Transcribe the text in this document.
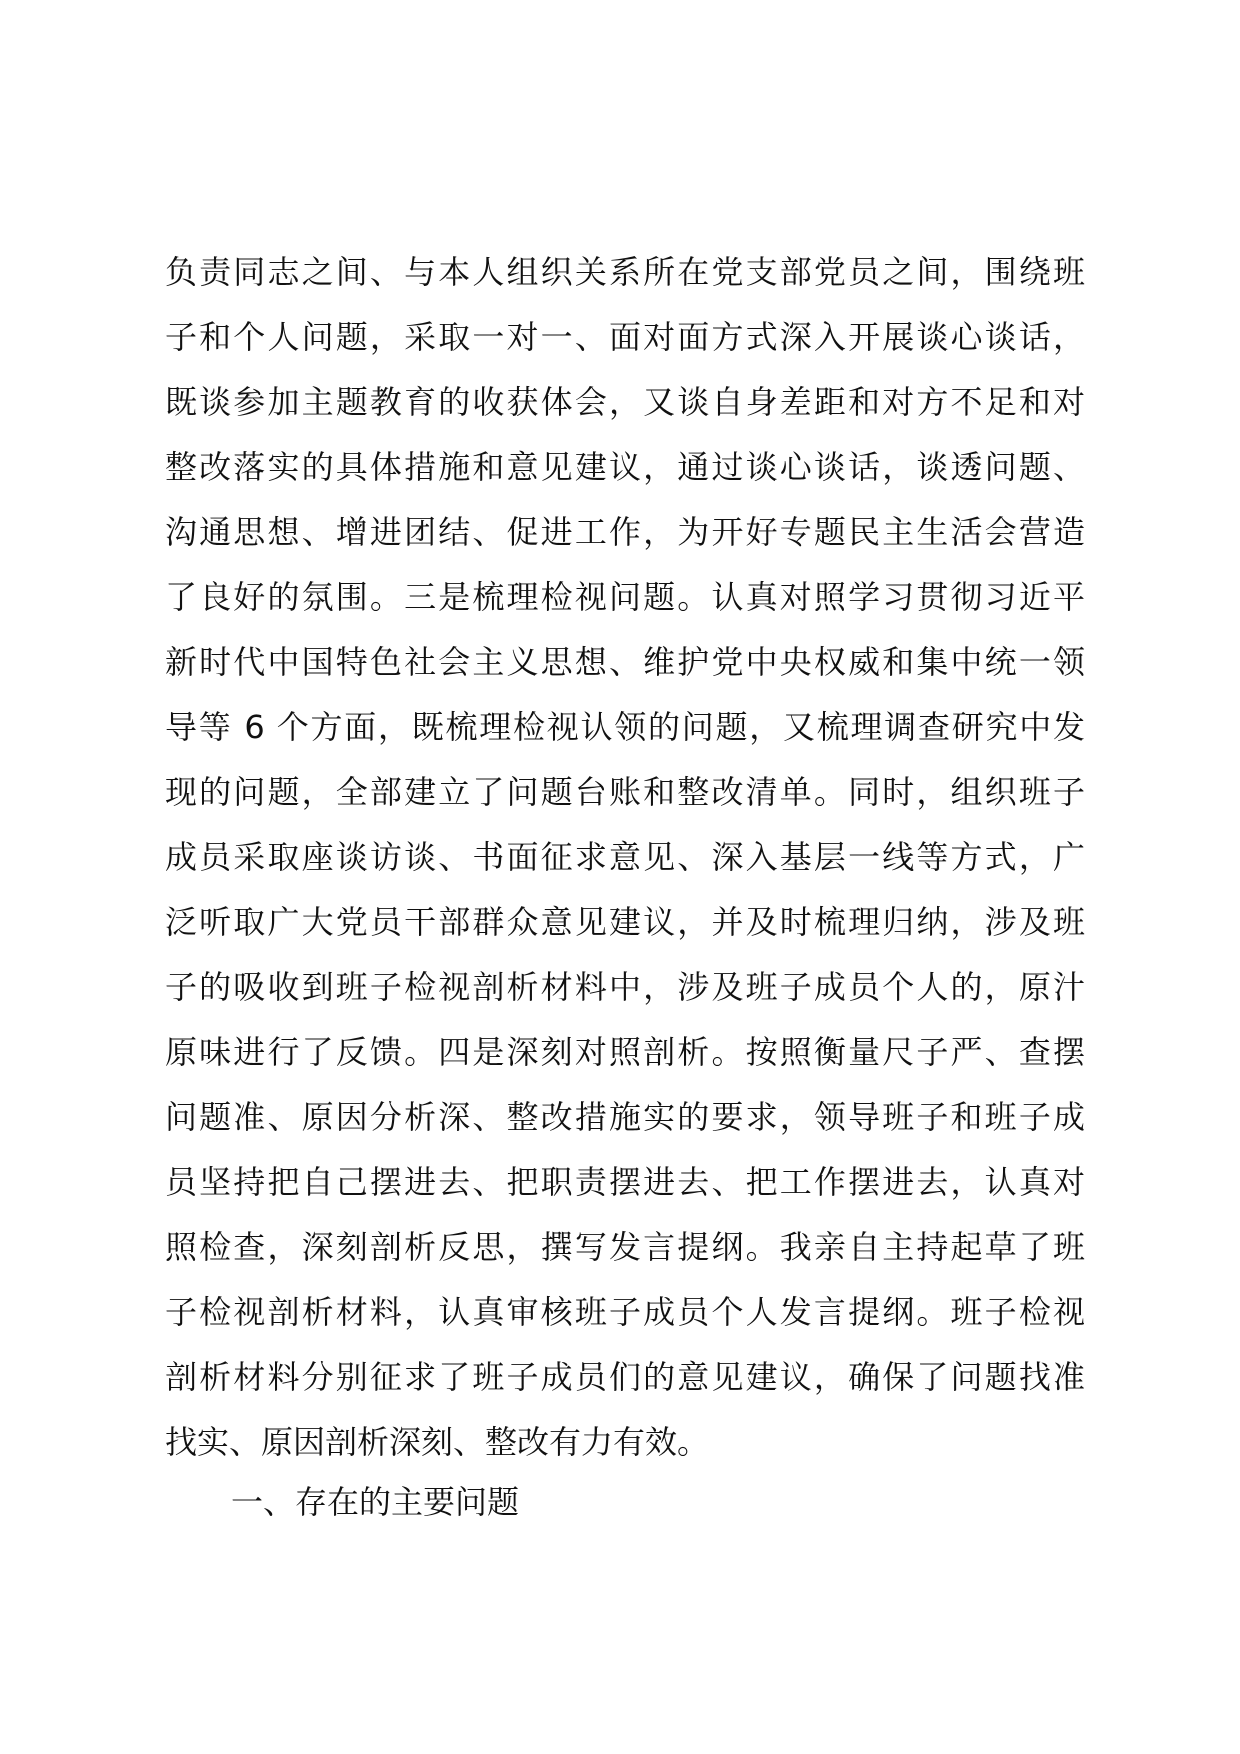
负责同志之间、与本人组织关系所在党支部党员之间，围绕班
子和个人问题，采取一对一、面对面方式深入开展谈心谈话，
既谈参加主题教育的收获体会，又谈自身差距和对方不足和对
整改落实的具体措施和意见建议，通过谈心谈话，谈透问题、
沟通思想、增进团结、促进工作，为开好专题民主生活会营造
了良好的氛围。三是梳理检视问题。认真对照学习贯彻习近平
新时代中国特色社会主义思想、维护党中央权威和集中统一领
导等 6 个方面，既梳理检视认领的问题，又梳理调查研究中发
现的问题，全部建立了问题台账和整改清单。同时，组织班子
成员采取座谈访谈、书面征求意见、深入基层一线等方式，广
泛听取广大党员干部群众意见建议，并及时梳理归纳，涉及班
子的吸收到班子检视剖析材料中，涉及班子成员个人的，原汁
原味进行了反馈。四是深刻对照剖析。按照衡量尺子严、查摆
问题准、原因分析深、整改措施实的要求，领导班子和班子成
员坚持把自己摆进去、把职责摆进去、把工作摆进去，认真对
照检查，深刻剖析反思，撰写发言提纲。我亲自主持起草了班
子检视剖析材料，认真审核班子成员个人发言提纲。班子检视
剖析材料分别征求了班子成员们的意见建议，确保了问题找准
找实、原因剖析深刻、整改有力有效。

一、存在的主要问题
